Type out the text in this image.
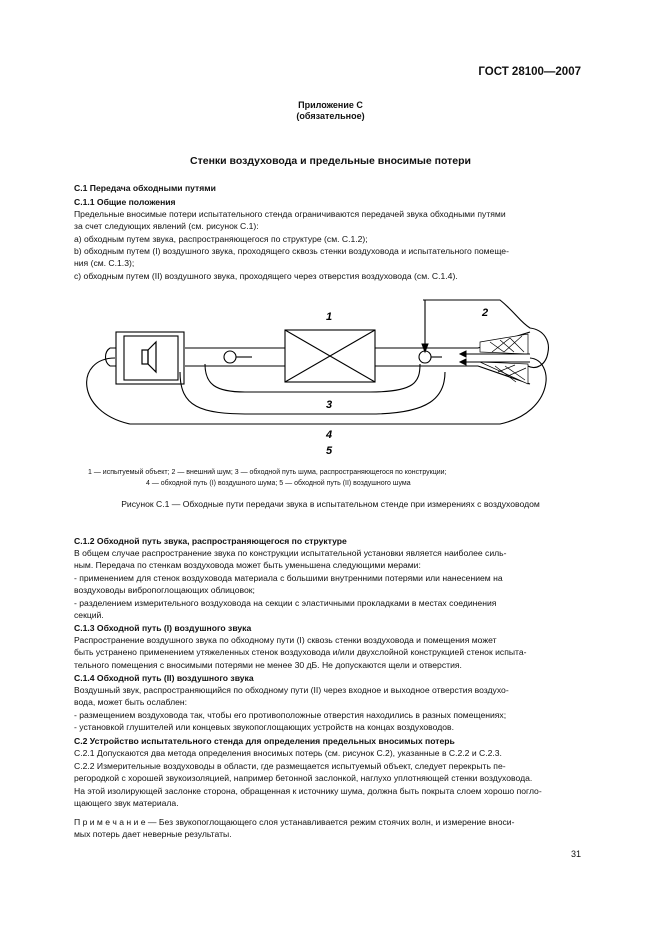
ГОСТ 28100—2007
Приложение С
(обязательное)
Стенки воздуховода и предельные вносимые потери
С.1 Передача обходными путями
С.1.1 Общие положения
Предельные вносимые потери испытательного стенда ограничиваются передачей звука обходными путями
за счет следующих явлений (см. рисунок С.1):
а) обходным путем звука, распространяющегося по структуре (см. С.1.2);
b) обходным путем (I) воздушного звука, проходящего сквозь стенки воздуховода и испытательного помеще-
ния (см. С.1.3);
с) обходным путем (II) воздушного звука, проходящего через отверстия воздуховода (см. С.1.4).
1	2
3
4
5
1 — испытуемый объект; 2 — внешний шум; 3 — обходной путь шума, распространяющегося по конструкции;
4 — обходной путь (I) воздушного шума; 5 — обходной путь (II) воздушного шума
Рисунок С.1 — Обходные пути передачи звука в испытательном стенде при измерениях с воздуховодом
С.1.2 Обходной путь звука, распространяющегося по структуре
В общем случае распространение звука по конструкции испытательной установки является наиболее силь-
ным. Передача по стенкам воздуховода может быть уменьшена следующими мерами:
- применением для стенок воздуховода материала с большими внутренними потерями или нанесением на
воздуховоды вибропоглощающих облицовок;
- разделением измерительного воздуховода на секции с эластичными прокладками в местах соединения
секций.
С.1.3 Обходной путь (I) воздушного звука
Распространение воздушного звука по обходному пути (I) сквозь стенки воздуховода и помещения может
быть устранено применением утяжеленных стенок воздуховода и/или двухслойной конструкцией стенок испыта-
тельного помещения с вносимыми потерями не менее 30 дБ. Не допускаются щели и отверстия.
С.1.4 Обходной путь (II) воздушного звука
Воздушный звук, распространяющийся по обходному пути (II) через входное и выходное отверстия воздухо-
вода, может быть ослаблен:
- размещением воздуховода так, чтобы его противоположные отверстия находились в разных помещениях;
- установкой глушителей или концевых звукопоглощающих устройств на концах воздуховодов.
С.2 Устройство испытательного стенда для определения предельных вносимых потерь
С.2.1 Допускаются два метода определения вносимых потерь (см. рисунок С.2), указанные в С.2.2 и С.2.3.
С.2.2 Измерительные воздуховоды в области, где размещается испытуемый объект, следует перекрыть пе-
регородкой с хорошей звукоизоляцией, например бетонной заслонкой, наглухо уплотняющей стенки воздуховода.
На этой изолирующей заслонке сторона, обращенная к источнику шума, должна быть покрыта слоем хорошо погло-
щающего звук материала.
П р и м е ч а н и е — Без звукопоглощающего слоя устанавливается режим стоячих волн, и измерение вноси-
мых потерь дает неверные результаты.
31
